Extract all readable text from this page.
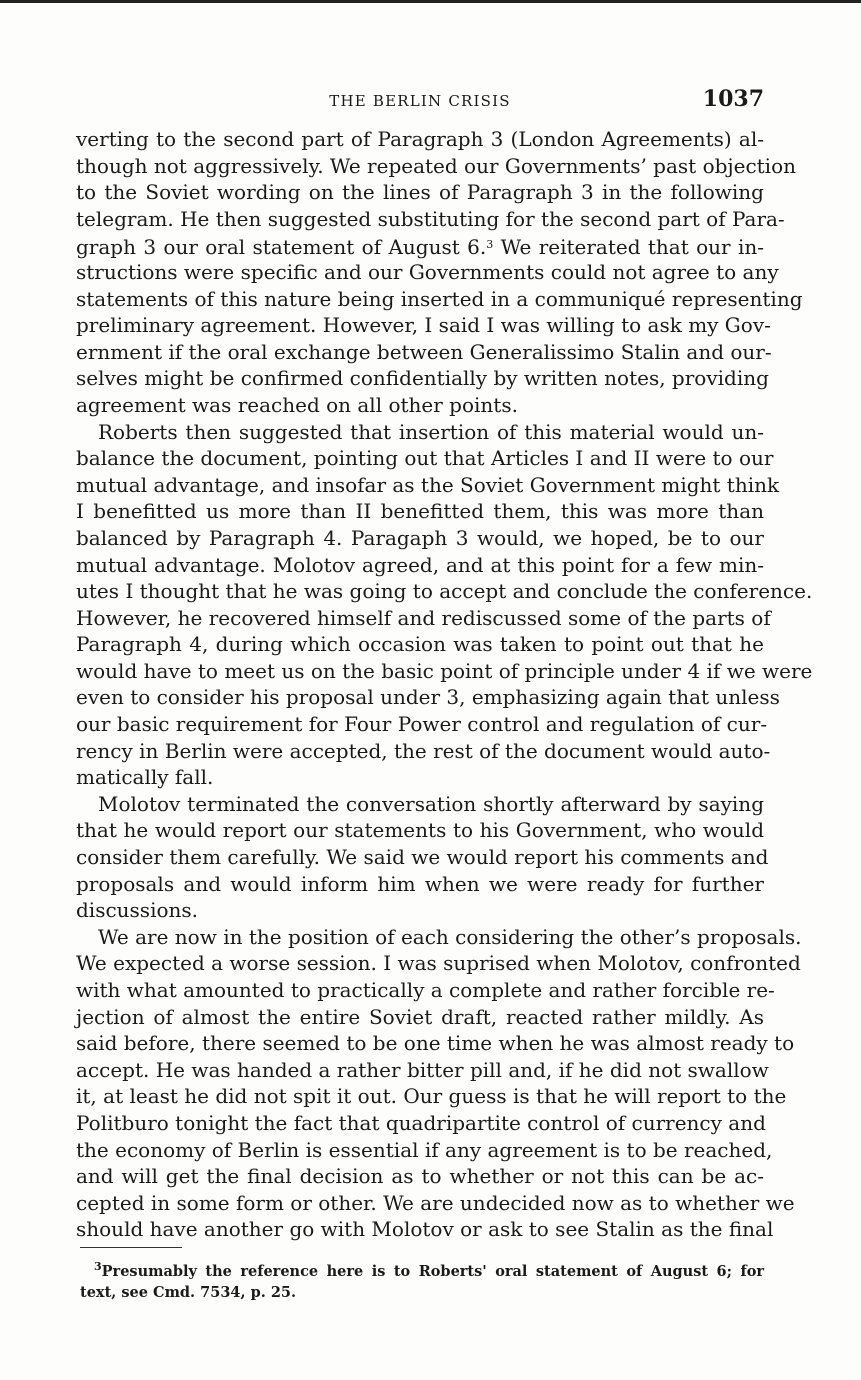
THE BERLIN CRISIS	1037
verting to the second part of Paragraph 3 (London Agreements) al-
though not aggressively. We repeated our Governments’ past objection
to the Soviet wording on the lines of Paragraph 3 in the following
telegram. He then suggested substituting for the second part of Para-
graph 3 our oral statement of August 6.$^3$ We reiterated that our in-
structions were specific and our Governments could not agree to any
statements of this nature being inserted in a communiqué representing
preliminary agreement. However, I said I was willing to ask my Gov-
ernment if the oral exchange between Generalissimo Stalin and our-
selves might be confirmed confidentially by written notes, providing
agreement was reached on all other points.
Roberts then suggested that insertion of this material would un-
balance the document, pointing out that Articles I and II were to our
mutual advantage, and insofar as the Soviet Government might think
I benefitted us more than II benefitted them, this was more than
balanced by Paragraph 4. Paragaph 3 would, we hoped, be to our
mutual advantage. Molotov agreed, and at this point for a few min-
utes I thought that he was going to accept and conclude the conference.
However, he recovered himself and rediscussed some of the parts of
Paragraph 4, during which occasion was taken to point out that he
would have to meet us on the basic point of principle under 4 if we were
even to consider his proposal under 3, emphasizing again that unless
our basic requirement for Four Power control and regulation of cur-
rency in Berlin were accepted, the rest of the document would auto-
matically fall.
Molotov terminated the conversation shortly afterward by saying
that he would report our statements to his Government, who would
consider them carefully. We said we would report his comments and
proposals and would inform him when we were ready for further
discussions.
We are now in the position of each considering the other’s proposals.
We expected a worse session. I was suprised when Molotov, confronted
with what amounted to practically a complete and rather forcible re-
jection of almost the entire Soviet draft, reacted rather mildly. As
said before, there seemed to be one time when he was almost ready to
accept. He was handed a rather bitter pill and, if he did not swallow
it, at least he did not spit it out. Our guess is that he will report to the
Politburo tonight the fact that quadripartite control of currency and
the economy of Berlin is essential if any agreement is to be reached,
and will get the final decision as to whether or not this can be ac-
cepted in some form or other. We are undecided now as to whether we
should have another go with Molotov or ask to see Stalin as the final
$^3$Presumably the reference here is to Roberts' oral statement of August 6; for
text, see Cmd. 7534, p. 25.
